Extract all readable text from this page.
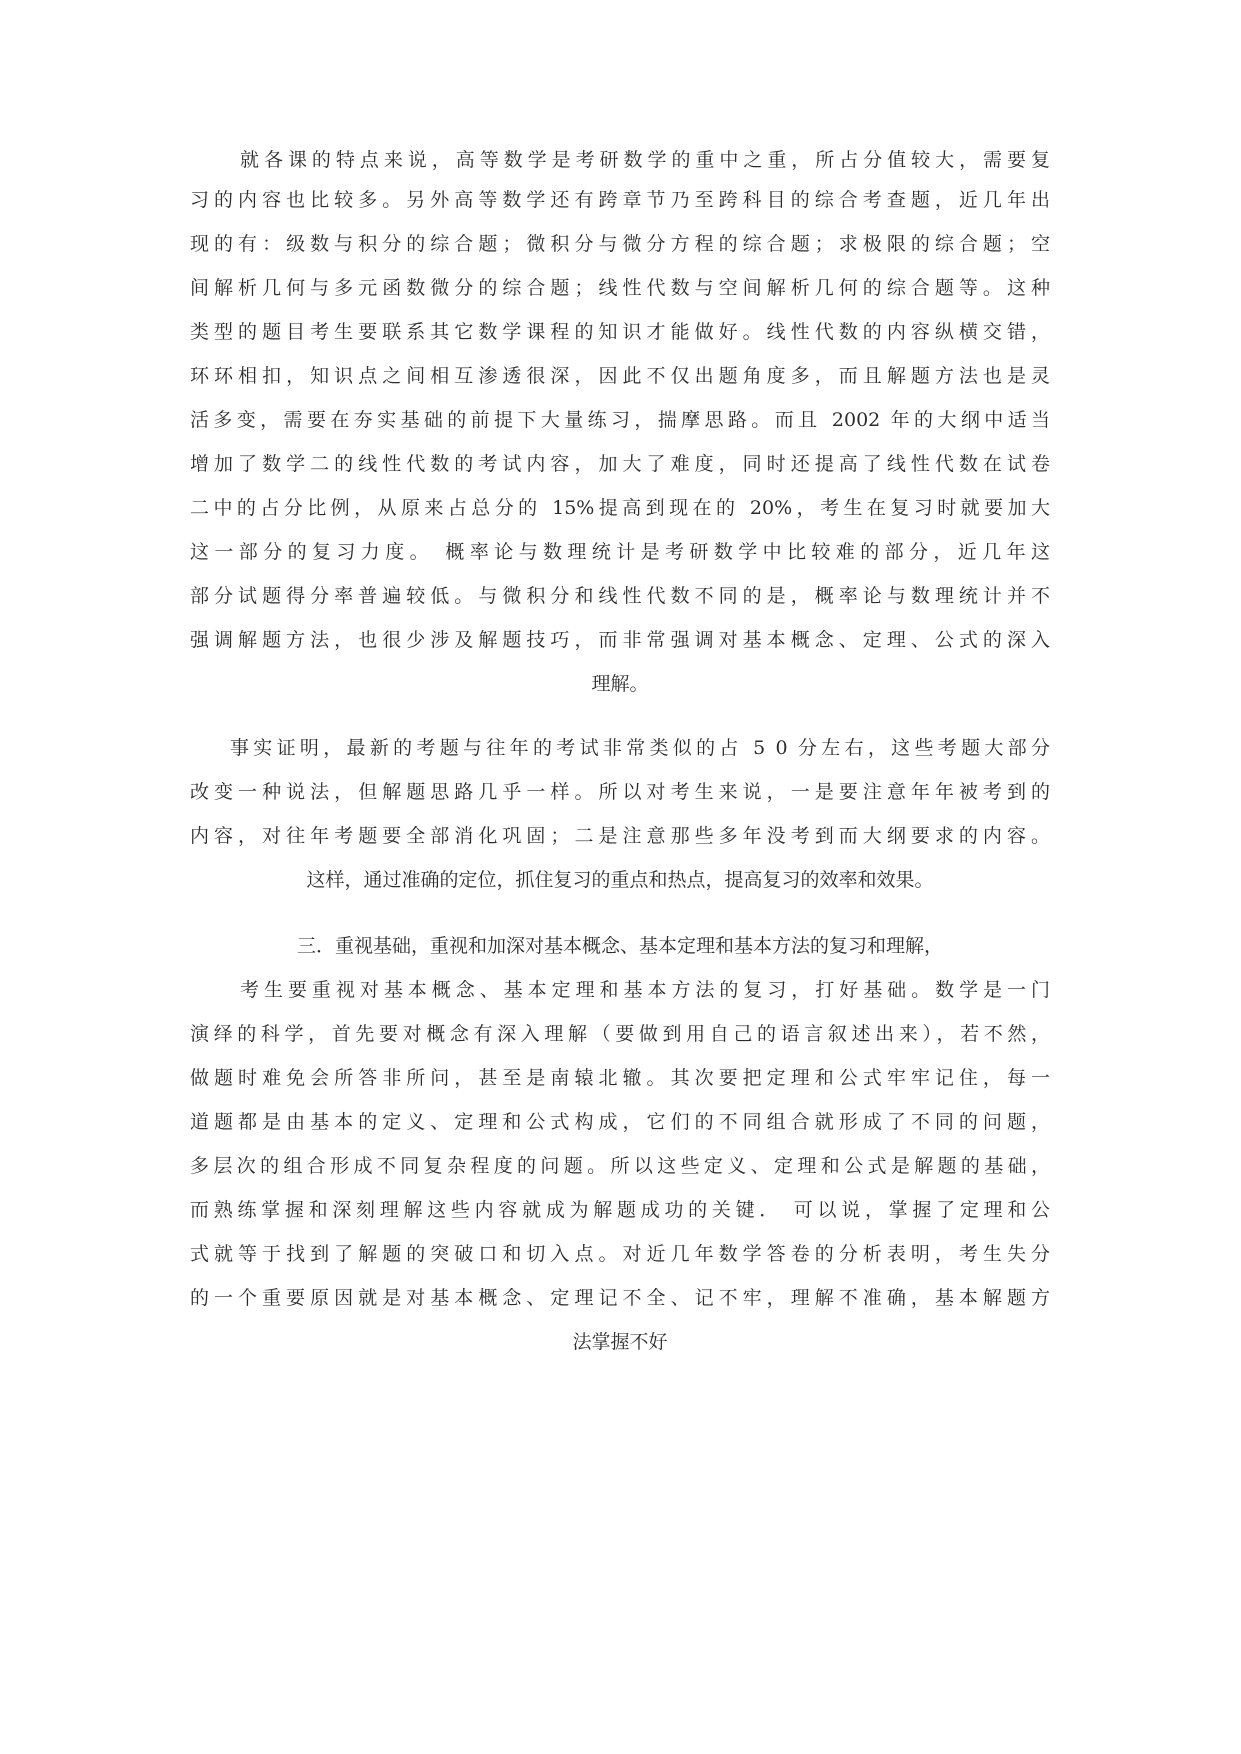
就各课的特点来说，高等数学是考研数学的重中之重，所占分值较大，需要复
习的内容也比较多。另外高等数学还有跨章节乃至跨科目的综合考查题，近几年出
现的有：级数与积分的综合题；微积分与微分方程的综合题；求极限的综合题；空
间解析几何与多元函数微分的综合题；线性代数与空间解析几何的综合题等。这种
类型的题目考生要联系其它数学课程的知识才能做好。线性代数的内容纵横交错，
环环相扣，知识点之间相互渗透很深，因此不仅出题角度多，而且解题方法也是灵
活多变，需要在夯实基础的前提下大量练习，揣摩思路。而且 2002 年的大纲中适当
增加了数学二的线性代数的考试内容，加大了难度，同时还提高了线性代数在试卷
二中的占分比例，从原来占总分的 15%提高到现在的 20%，考生在复习时就要加大
这一部分的复习力度。 概率论与数理统计是考研数学中比较难的部分，近几年这
部分试题得分率普遍较低。与微积分和线性代数不同的是，概率论与数理统计并不
强调解题方法，也很少涉及解题技巧，而非常强调对基本概念、定理、公式的深入
理解。
事实证明，最新的考题与往年的考试非常类似的占 5 0 分左右，这些考题大部分
改变一种说法，但解题思路几乎一样。所以对考生来说，一是要注意年年被考到的
内容，对往年考题要全部消化巩固；二是注意那些多年没考到而大纲要求的内容。
这样，通过准确的定位，抓住复习的重点和热点，提高复习的效率和效果。
三．重视基础，重视和加深对基本概念、基本定理和基本方法的复习和理解，
考生要重视对基本概念、基本定理和基本方法的复习，打好基础。数学是一门
演绎的科学，首先要对概念有深入理解（要做到用自己的语言叙述出来），若不然，
做题时难免会所答非所问，甚至是南辕北辙。其次要把定理和公式牢牢记住，每一
道题都是由基本的定义、定理和公式构成，它们的不同组合就形成了不同的问题，
多层次的组合形成不同复杂程度的问题。所以这些定义、定理和公式是解题的基础，
而熟练掌握和深刻理解这些内容就成为解题成功的关键． 可以说，掌握了定理和公
式就等于找到了解题的突破口和切入点。对近几年数学答卷的分析表明，考生失分
的一个重要原因就是对基本概念、定理记不全、记不牢，理解不准确，基本解题方
法掌握不好
